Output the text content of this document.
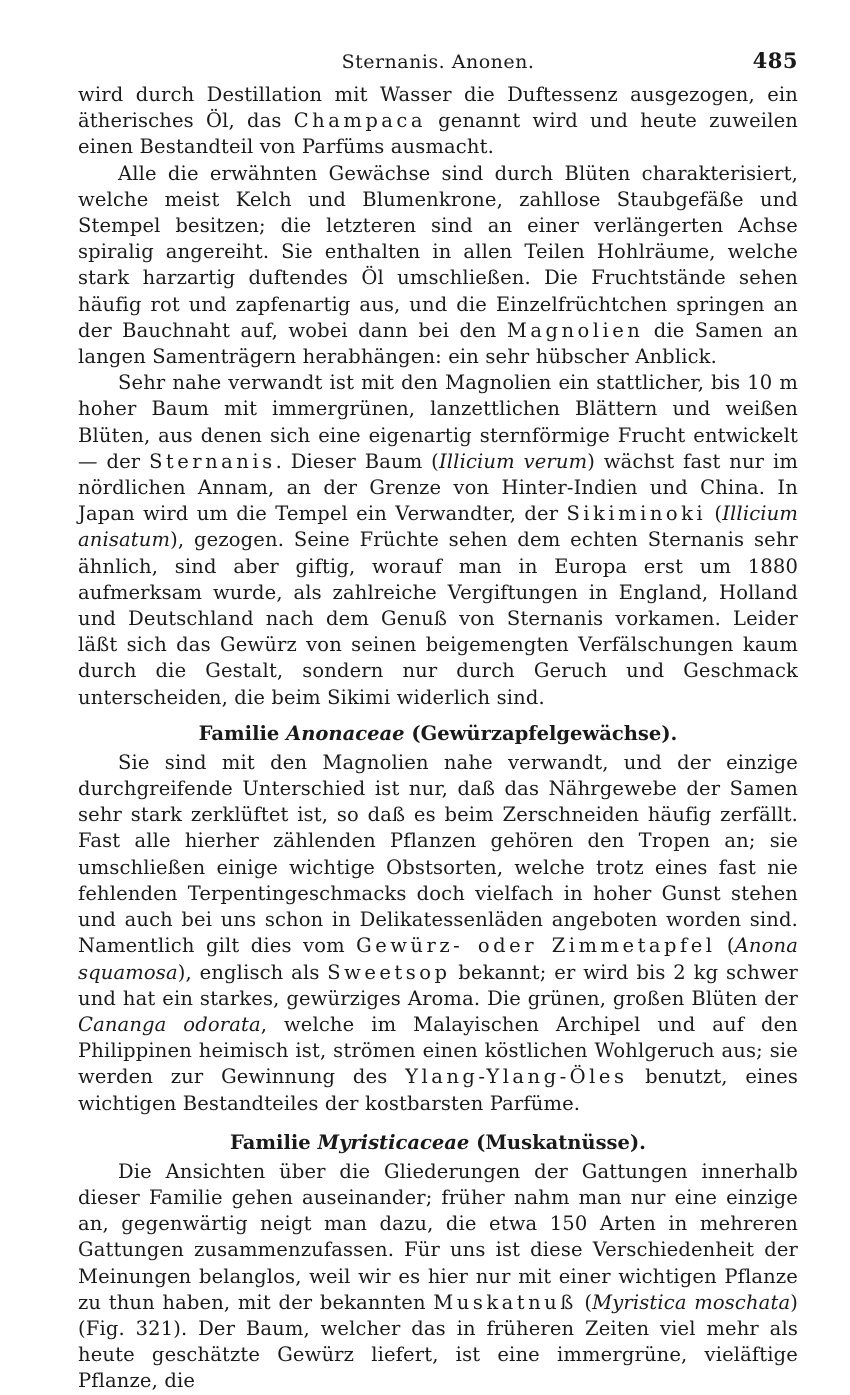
Sternanis. Anonen.	485

wird durch Destillation mit Wasser die Duftessenz ausgezogen, ein ätherisches Öl, das Champaca genannt wird und heute zuweilen einen Bestandteil von Parfüms ausmacht.

Alle die erwähnten Gewächse sind durch Blüten charakterisiert, welche meist Kelch und Blumenkrone, zahllose Staubgefäße und Stempel besitzen; die letzteren sind an einer verlängerten Achse spiralig angereiht. Sie enthalten in allen Teilen Hohlräume, welche stark harzartig duftendes Öl umschließen. Die Fruchtstände sehen häufig rot und zapfenartig aus, und die Einzelfrüchtchen springen an der Bauchnaht auf, wobei dann bei den Magnolien die Samen an langen Samenträgern herabhängen: ein sehr hübscher Anblick.

Sehr nahe verwandt ist mit den Magnolien ein stattlicher, bis 10 m hoher Baum mit immergrünen, lanzettlichen Blättern und weißen Blüten, aus denen sich eine eigenartig sternförmige Frucht entwickelt — der Sternanis. Dieser Baum (Illicium verum) wächst fast nur im nördlichen Annam, an der Grenze von Hinter-Indien und China. In Japan wird um die Tempel ein Verwandter, der Sikiminoki (Illicium anisatum), gezogen. Seine Früchte sehen dem echten Sternanis sehr ähnlich, sind aber giftig, worauf man in Europa erst um 1880 aufmerksam wurde, als zahlreiche Vergiftungen in England, Holland und Deutschland nach dem Genuß von Sternanis vorkamen. Leider läßt sich das Gewürz von seinen beigemengten Verfälschungen kaum durch die Gestalt, sondern nur durch Geruch und Geschmack unterscheiden, die beim Sikimi widerlich sind.

Familie Anonaceae (Gewürzapfelgewächse).

Sie sind mit den Magnolien nahe verwandt, und der einzige durchgreifende Unterschied ist nur, daß das Nährgewebe der Samen sehr stark zerklüftet ist, so daß es beim Zerschneiden häufig zerfällt. Fast alle hierher zählenden Pflanzen gehören den Tropen an; sie umschließen einige wichtige Obstsorten, welche trotz eines fast nie fehlenden Terpentingeschmacks doch vielfach in hoher Gunst stehen und auch bei uns schon in Delikatessenläden angeboten worden sind. Namentlich gilt dies vom Gewürz- oder Zimmetapfel (Anona squamosa), englisch als Sweetsop bekannt; er wird bis 2 kg schwer und hat ein starkes, gewürziges Aroma. Die grünen, großen Blüten der Cananga odorata, welche im Malayischen Archipel und auf den Philippinen heimisch ist, strömen einen köstlichen Wohlgeruch aus; sie werden zur Gewinnung des Ylang-Ylang-Öles benutzt, eines wichtigen Bestandteiles der kostbarsten Parfüme.

Familie Myristicaceae (Muskatnüsse).

Die Ansichten über die Gliederungen der Gattungen innerhalb dieser Familie gehen auseinander; früher nahm man nur eine einzige an, gegenwärtig neigt man dazu, die etwa 150 Arten in mehreren Gattungen zusammenzufassen. Für uns ist diese Verschiedenheit der Meinungen belanglos, weil wir es hier nur mit einer wichtigen Pflanze zu thun haben, mit der bekannten Muskatnuß (Myristica moschata) (Fig. 321). Der Baum, welcher das in früheren Zeiten viel mehr als heute geschätzte Gewürz liefert, ist eine immergrüne, vieläftige Pflanze, die
